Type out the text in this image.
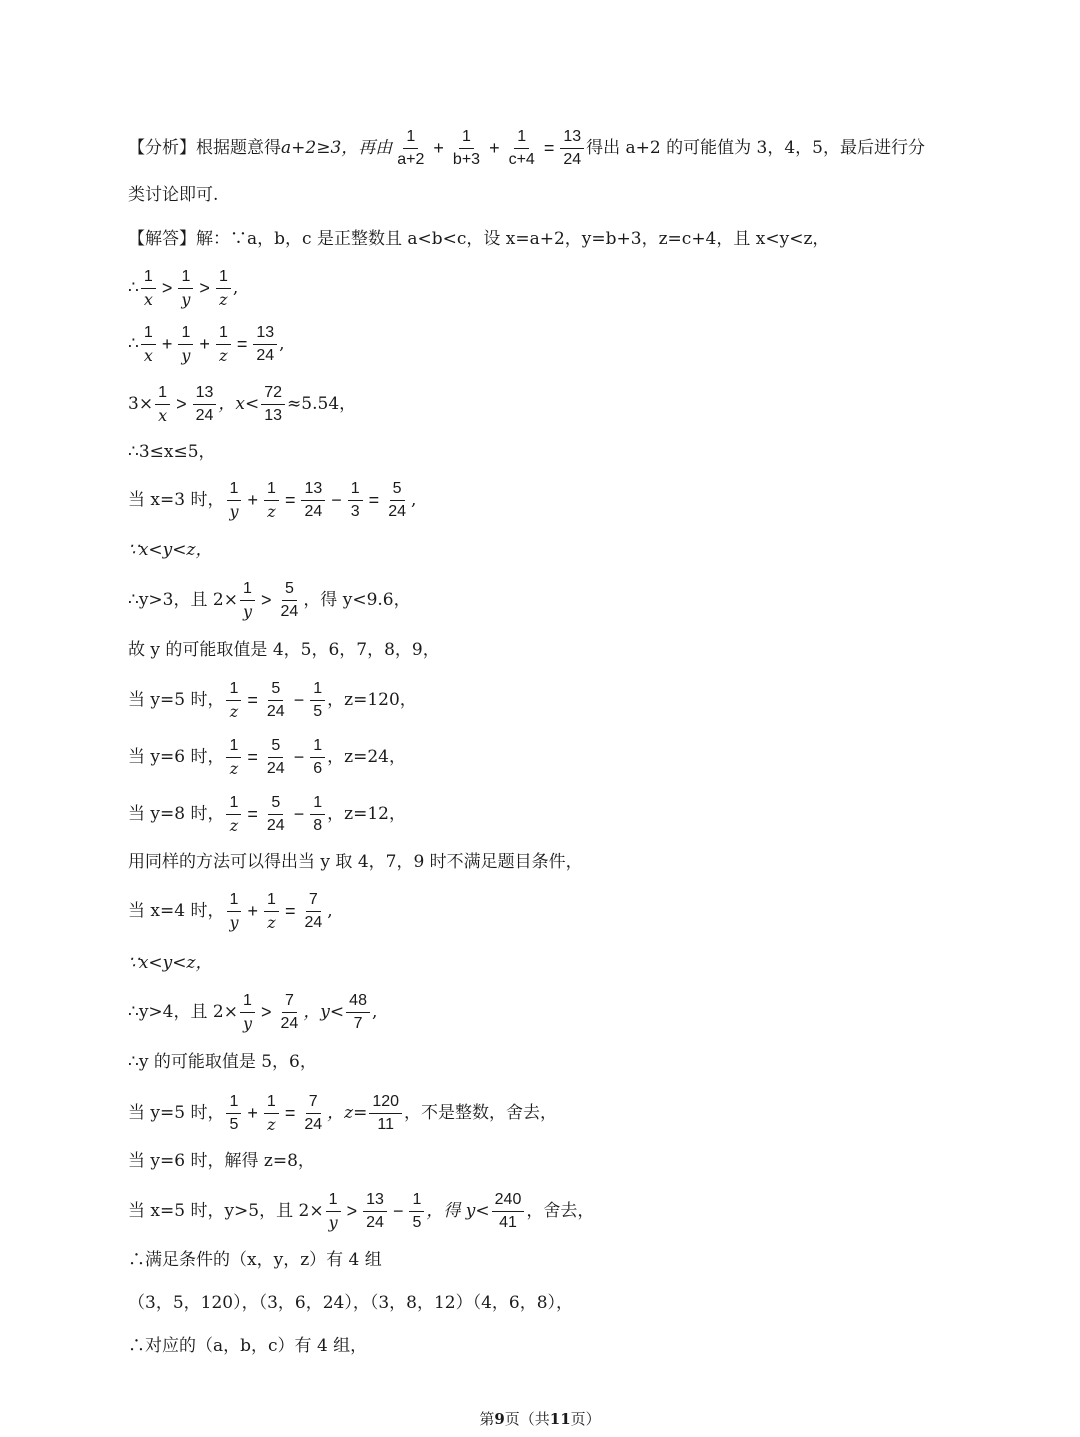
【分析】根据题意得 a+2≥3，再由 $\frac{1}{a+2} + \frac{1}{b+3} + \frac{1}{c+4} = \frac{13}{24}$ 得出 a+2 的可能值为 3，4，5，最后进行分
类讨论即可.
【解答】解：∵a，b，c 是正整数且 a<b<c，设 x=a+2，y=b+3，z=c+4，且 x<y<z，
∴ $\frac{1}{x} > \frac{1}{y} > \frac{1}{z}$ ,
∴ $\frac{1}{x} + \frac{1}{y} + \frac{1}{z} = \frac{13}{24}$ ,
$3\times \frac{1}{x} > \frac{13}{24}$ ，$x< \frac{72}{13} \approx 5.54$，
∴3≤x≤5，
当 x=3 时， $\frac{1}{y} + \frac{1}{z} = \frac{13}{24} - \frac{1}{3} = \frac{5}{24}$ ,
∵x<y<z，
∴y>3，且 $2\times \frac{1}{y} > \frac{5}{24}$ ，得 y<9.6，
故 y 的可能取值是 4，5，6，7，8，9，
当 y=5 时， $\frac{1}{z} = \frac{5}{24} - \frac{1}{5}$ ，z=120，
当 y=6 时， $\frac{1}{z} = \frac{5}{24} - \frac{1}{6}$ ，z=24，
当 y=8 时， $\frac{1}{z} = \frac{5}{24} - \frac{1}{8}$ ，z=12，
用同样的方法可以得出当 y 取 4，7，9 时不满足题目条件，
当 x=4 时， $\frac{1}{y} + \frac{1}{z} = \frac{7}{24}$ ,
∵x<y<z，
∴y>4，且 $2\times \frac{1}{y} > \frac{7}{24}$ ，$y< \frac{48}{7}$ ,
∴y 的可能取值是 5，6，
当 y=5 时， $\frac{1}{5} + \frac{1}{z} = \frac{7}{24}$ ，$z= \frac{120}{11}$ ，不是整数，舍去，
当 y=6 时，解得 z=8，
当 x=5 时，y>5，且 $2\times \frac{1}{y} > \frac{13}{24} - \frac{1}{5}$ ，得 $y< \frac{240}{41}$ ，舍去，
∴满足条件的（x，y，z）有 4 组
（3，5，120），（3，6，24），（3，8，12）（4，6，8），
∴对应的（a，b，c）有 4 组，
第9页（共11页）
